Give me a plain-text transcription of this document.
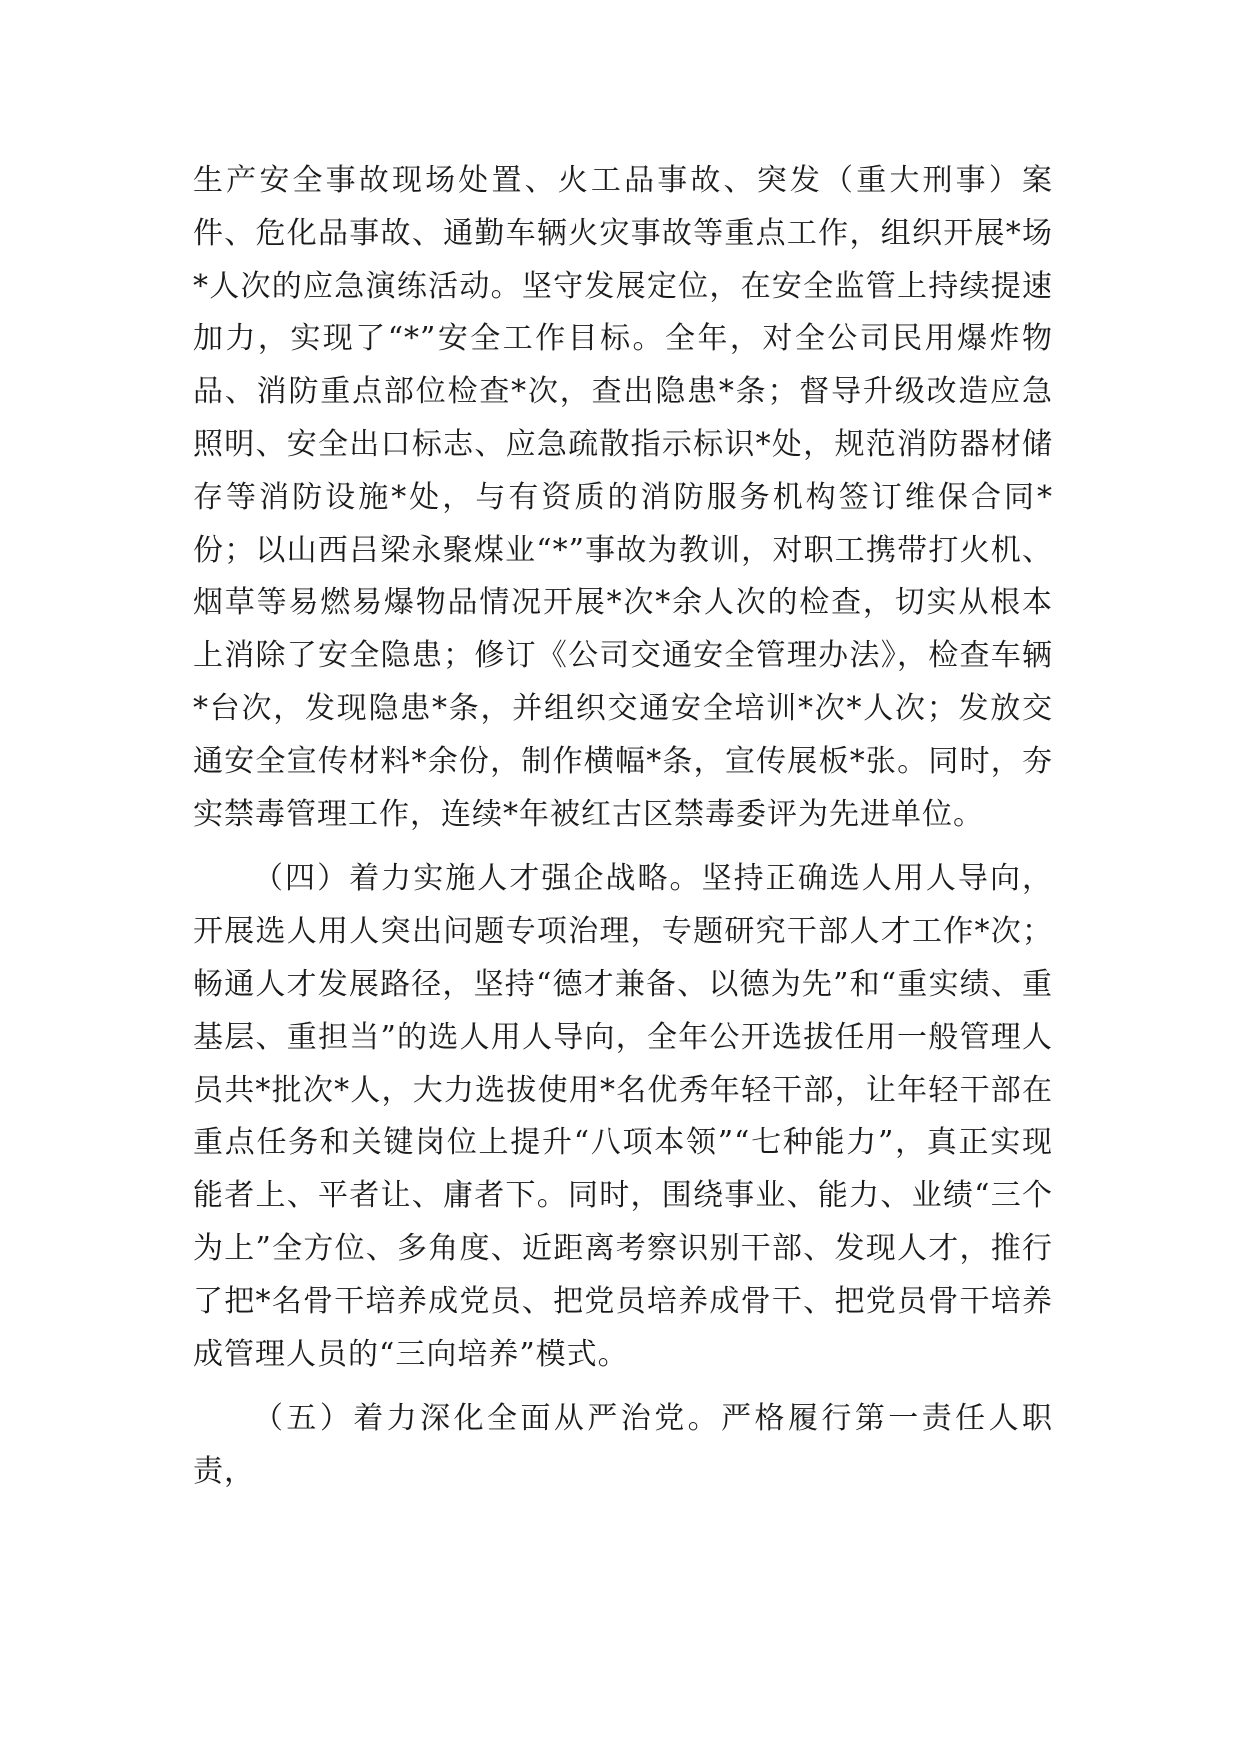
生产安全事故现场处置、火工品事故、突发（重大刑事）案件、危化品事故、通勤车辆火灾事故等重点工作，组织开展*场*人次的应急演练活动。坚守发展定位，在安全监管上持续提速加力，实现了“*”安全工作目标。全年，对全公司民用爆炸物品、消防重点部位检查*次，查出隐患*条；督导升级改造应急照明、安全出口标志、应急疏散指示标识*处，规范消防器材储存等消防设施*处，与有资质的消防服务机构签订维保合同*份；以山西吕梁永聚煤业“*”事故为教训，对职工携带打火机、烟草等易燃易爆物品情况开展*次*余人次的检查，切实从根本上消除了安全隐患；修订《公司交通安全管理办法》，检查车辆*台次，发现隐患*条，并组织交通安全培训*次*人次；发放交通安全宣传材料*余份，制作横幅*条，宣传展板*张。同时，夯实禁毒管理工作，连续*年被红古区禁毒委评为先进单位。

（四）着力实施人才强企战略。坚持正确选人用人导向，开展选人用人突出问题专项治理，专题研究干部人才工作*次；畅通人才发展路径，坚持“德才兼备、以德为先”和“重实绩、重基层、重担当”的选人用人导向，全年公开选拔任用一般管理人员共*批次*人，大力选拔使用*名优秀年轻干部，让年轻干部在重点任务和关键岗位上提升“八项本领”“七种能力”，真正实现能者上、平者让、庸者下。同时，围绕事业、能力、业绩“三个为上”全方位、多角度、近距离考察识别干部、发现人才，推行了把*名骨干培养成党员、把党员培养成骨干、把党员骨干培养成管理人员的“三向培养”模式。

（五）着力深化全面从严治党。严格履行第一责任人职责，
